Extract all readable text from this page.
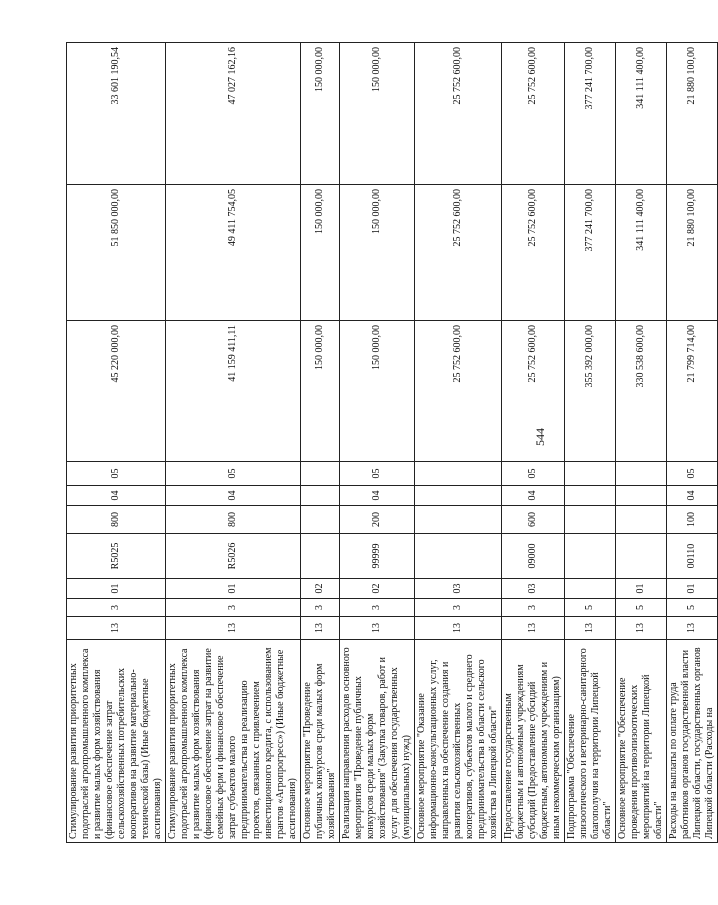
544
Стимулирование развития приоритетных подотраслей агропромышленного комплекса и развитие малых форм хозяйствования (финансовое обеспечение затрат сельскохозяйственных потребительских кооперативов на развитие материально-технической базы) (Иные бюджетные ассигнования)	13	3	01	R5025	800	04	05	45 220 000,00	51 850 000,00	33 601 190,54
Стимулирование развития приоритетных подотраслей агропромышленного комплекса и развитие малых форм хозяйствования (финансовое обеспечение затрат на развитие семейных ферм и финансовое обеспечение затрат субъектов малого предпринимательства на реализацию проектов, связанных с привлечением инвестиционного кредита, с использованием грантов «Агропрогресс») (Иные бюджетные ассигнования)	13	3	01	R5026	800	04	05	41 159 411,11	49 411 754,05	47 027 162,16
Основное мероприятие "Проведение публичных конкурсов среди малых форм хозяйствования"	13	3	02					150 000,00	150 000,00	150 000,00
Реализация направления расходов основного мероприятия "Проведение публичных конкурсов среди малых форм хозяйствования" (Закупка товаров, работ и услуг для обеспечения государственных (муниципальных) нужд)	13	3	02	99999	200	04	05	150 000,00	150 000,00	150 000,00
Основное мероприятие "Оказание информационно-консультационных услуг, направленных на обеспечение создания и развития сельскохозяйственных кооперативов, субъектов малого и среднего предпринимательства в области сельского хозяйства в Липецкой области"	13	3	03					25 752 600,00	25 752 600,00	25 752 600,00
Предоставление государственным бюджетным и автономным учреждениям субсидий (Предоставление субсидий бюджетным, автономным учреждениям и иным некоммерческим организациям)	13	3	03	09000	600	04	05	25 752 600,00	25 752 600,00	25 752 600,00
Подпрограмма "Обеспечение эпизоотического и ветеринарно-санитарного благополучия на территории Липецкой области"	13	5						355 392 000,00	377 241 700,00	377 241 700,00
Основное мероприятие "Обеспечение проведения противоэпизоотических мероприятий на территории Липецкой области"	13	5	01					330 538 600,00	341 111 400,00	341 111 400,00
Расходы на выплаты по оплате труда работников органов государственной власти Липецкой области, государственных органов Липецкой области (Расходы на	13	5	01	00110	100	04	05	21 799 714,00	21 880 100,00	21 880 100,00
